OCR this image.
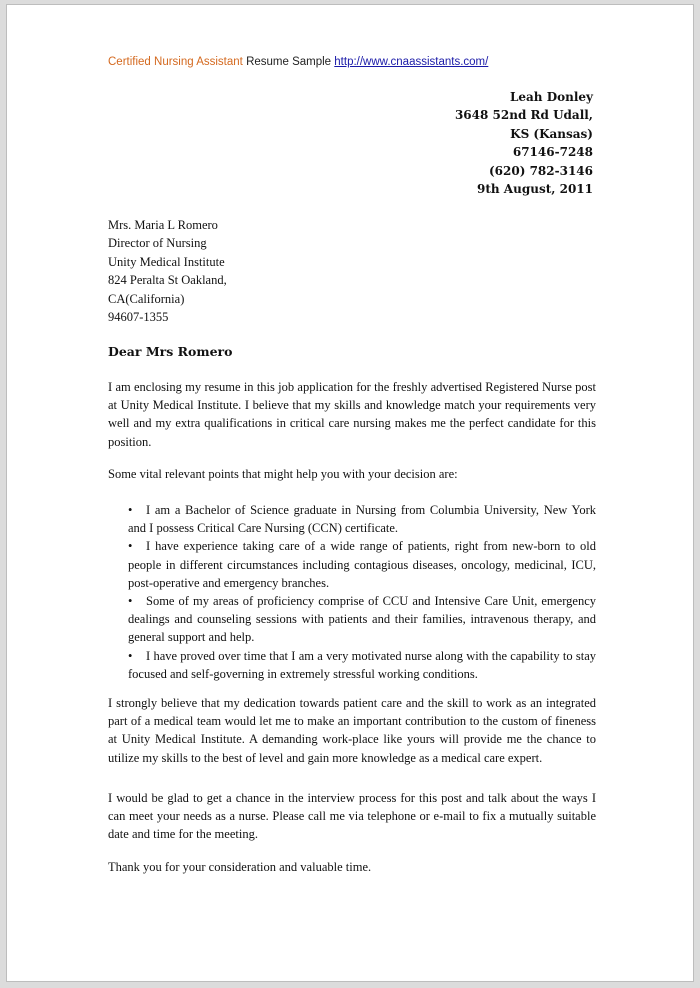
Certified Nursing Assistant Resume Sample http://www.cnaassistants.com/
Leah Donley
3648 52nd Rd Udall,
KS (Kansas)
67146-7248
(620) 782-3146
9th August, 2011
Mrs. Maria L Romero
Director of Nursing
Unity Medical Institute
824 Peralta St Oakland,
CA(California)
94607-1355
Dear Mrs Romero
I am enclosing my resume in this job application for the freshly advertised Registered Nurse post at Unity Medical Institute. I believe that my skills and knowledge match your requirements very well and my extra qualifications in critical care nursing makes me the perfect candidate for this position.
Some vital relevant points that might help you with your decision are:
• I am a Bachelor of Science graduate in Nursing from Columbia University, New York and I possess Critical Care Nursing (CCN) certificate.
• I have experience taking care of a wide range of patients, right from new-born to old people in different circumstances including contagious diseases, oncology, medicinal, ICU, post-operative and emergency branches.
• Some of my areas of proficiency comprise of CCU and Intensive Care Unit, emergency dealings and counseling sessions with patients and their families, intravenous therapy, and general support and help.
• I have proved over time that I am a very motivated nurse along with the capability to stay focused and self-governing in extremely stressful working conditions.
I strongly believe that my dedication towards patient care and the skill to work as an integrated part of a medical team would let me to make an important contribution to the custom of fineness at Unity Medical Institute. A demanding work-place like yours will provide me the chance to utilize my skills to the best of level and gain more knowledge as a medical care expert.
I would be glad to get a chance in the interview process for this post and talk about the ways I can meet your needs as a nurse. Please call me via telephone or e-mail to fix a mutually suitable date and time for the meeting.
Thank you for your consideration and valuable time.
